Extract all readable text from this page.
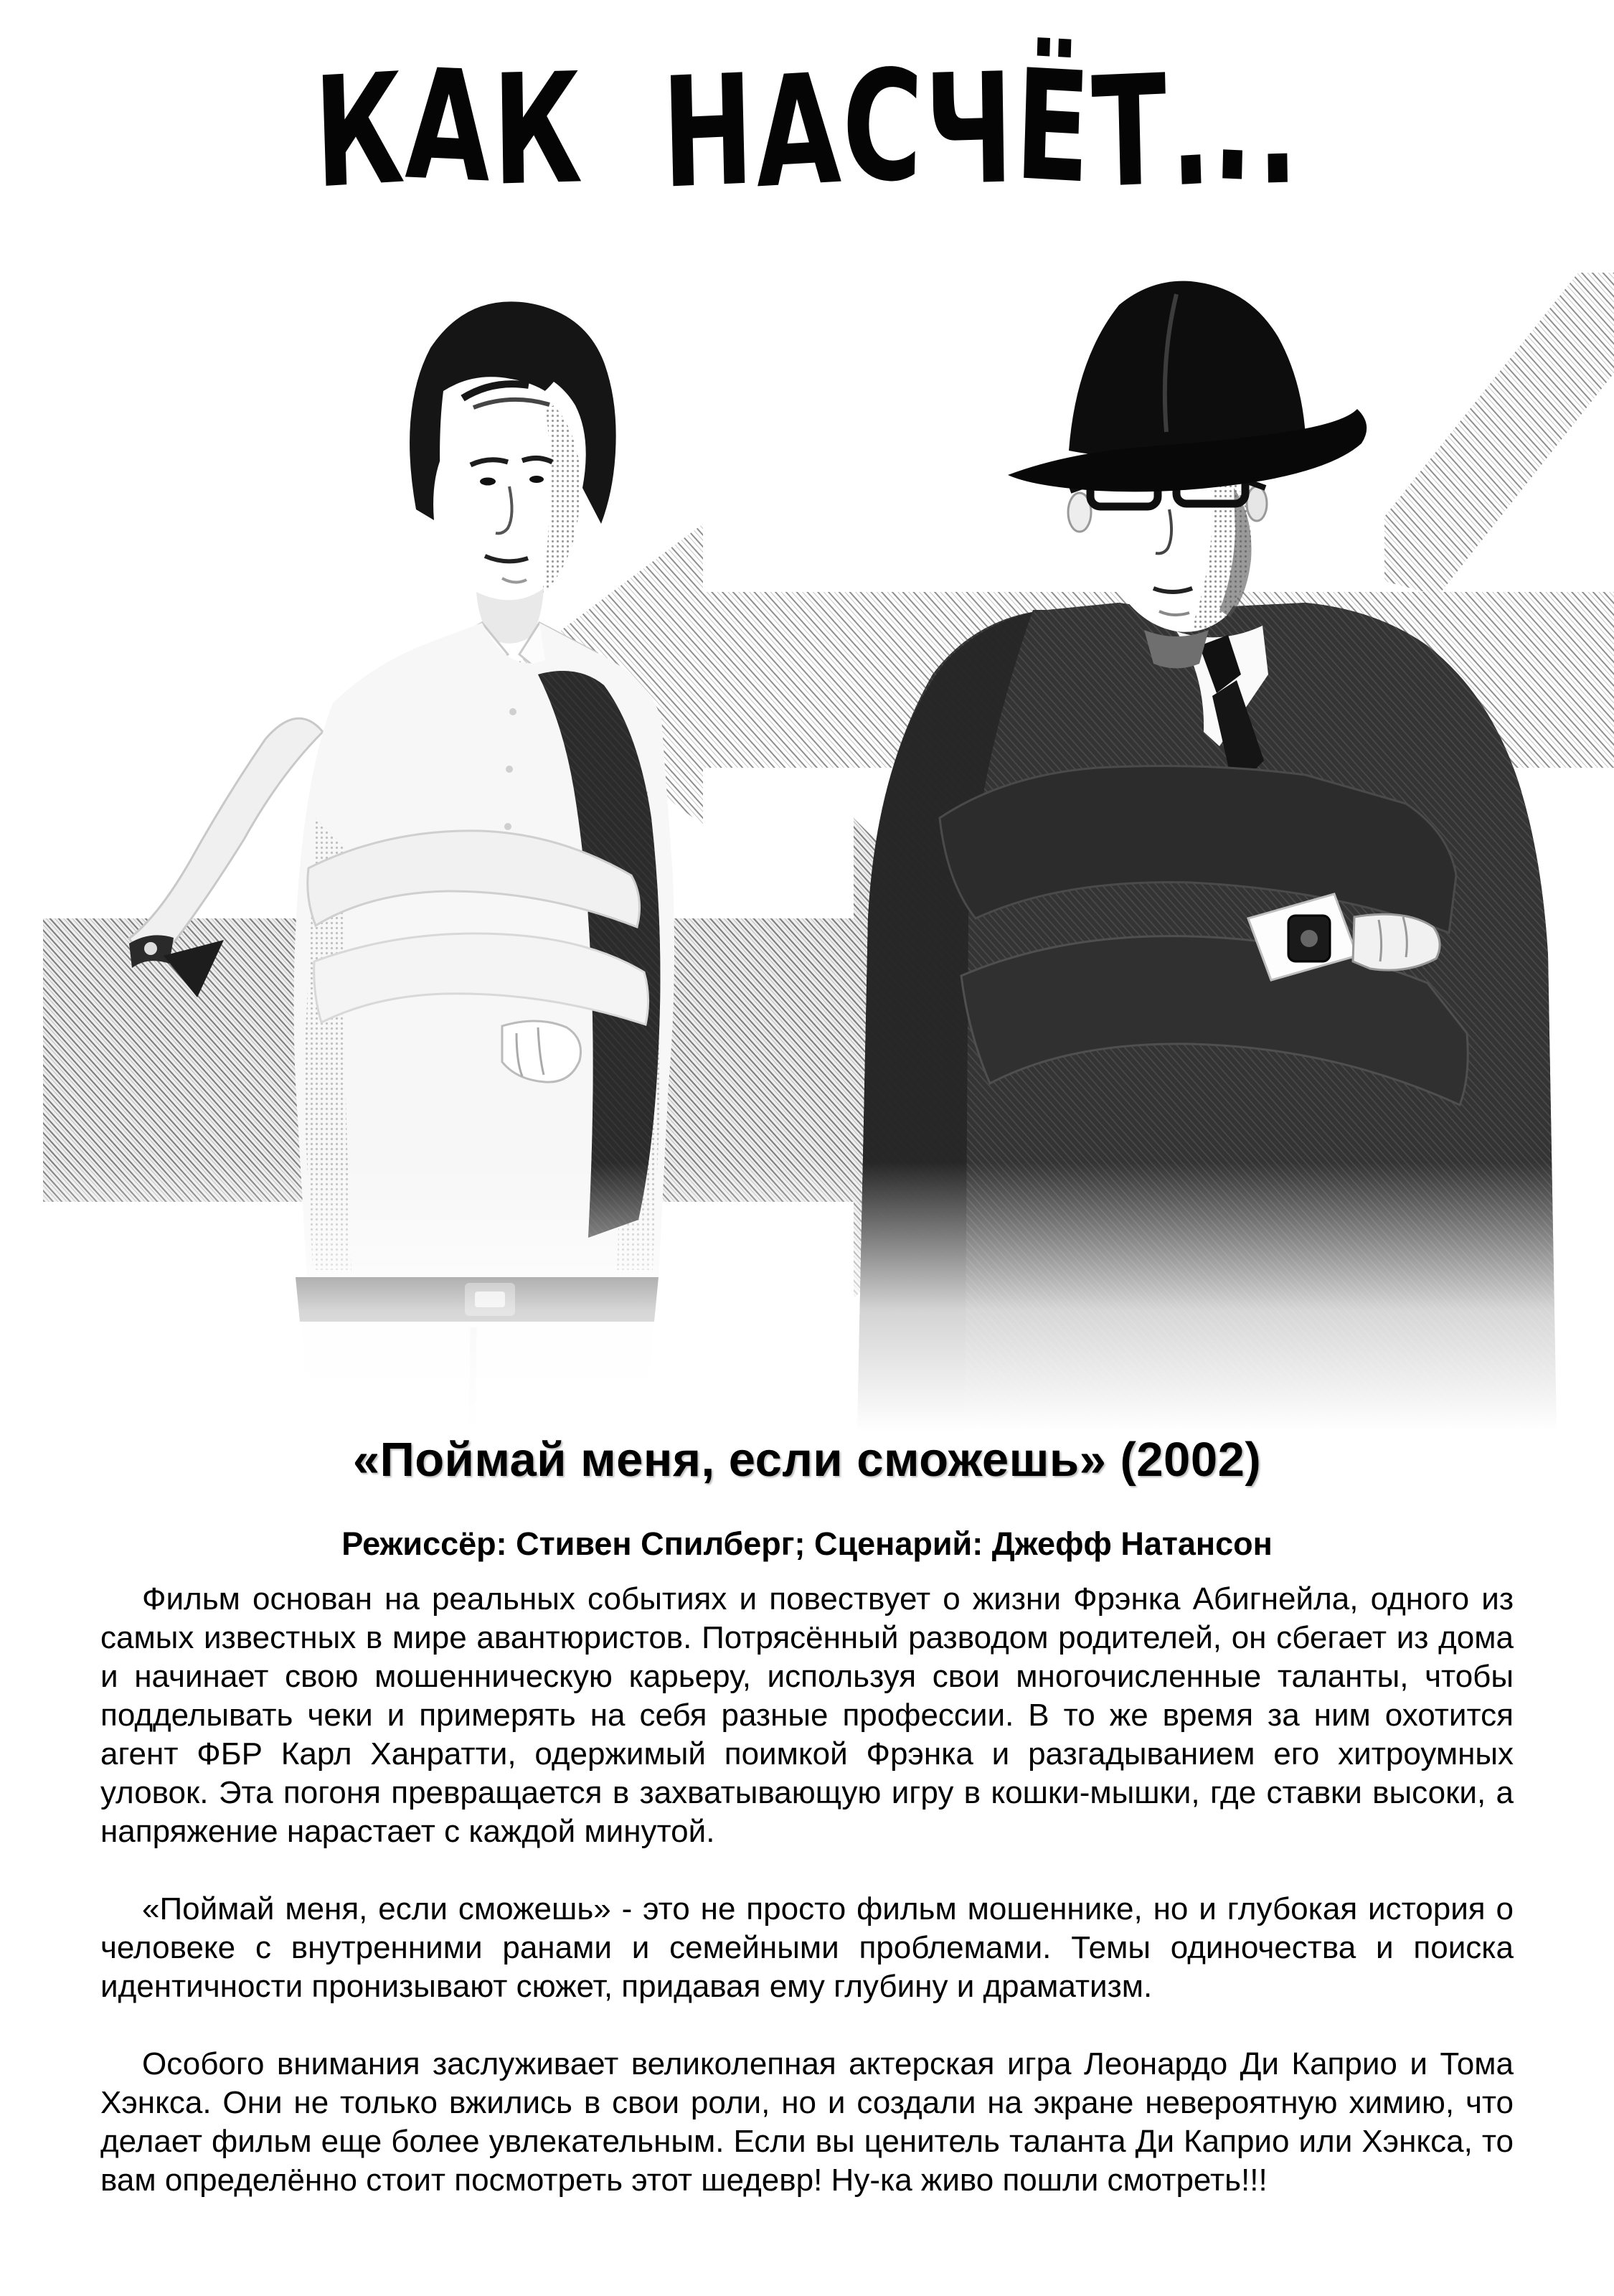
КАК НАСЧЁТ...
«Поймай меня, если сможешь» (2002)
Режиссёр: Стивен Спилберг; Сценарий: Джефф Натансон

Фильм основан на реальных событиях и повествует о жизни Фрэнка Абигнейла, одного из самых известных в мире авантюристов. Потрясённый разводом родителей, он сбегает из дома и начинает свою мошенническую карьеру, используя свои многочисленные таланты, чтобы подделывать чеки и примерять на себя разные профессии. В то же время за ним охотится агент ФБР Карл Ханратти, одержимый поимкой Фрэнка и разгадыванием его хитроумных уловок. Эта погоня превращается в захватывающую игру в кошки-мышки, где ставки высоки, а напряжение нарастает с каждой минутой.

«Поймай меня, если сможешь» - это не просто фильм мошеннике, но и глубокая история о человеке с внутренними ранами и семейными проблемами. Темы одиночества и поиска идентичности пронизывают сюжет, придавая ему глубину и драматизм.

Особого внимания заслуживает великолепная актерская игра Леонардо Ди Каприо и Тома Хэнкса. Они не только вжились в свои роли, но и создали на экране невероятную химию, что делает фильм еще более увлекательным. Если вы ценитель таланта Ди Каприо или Хэнкса, то вам определённо стоит посмотреть этот шедевр! Ну-ка живо пошли смотреть!!!
